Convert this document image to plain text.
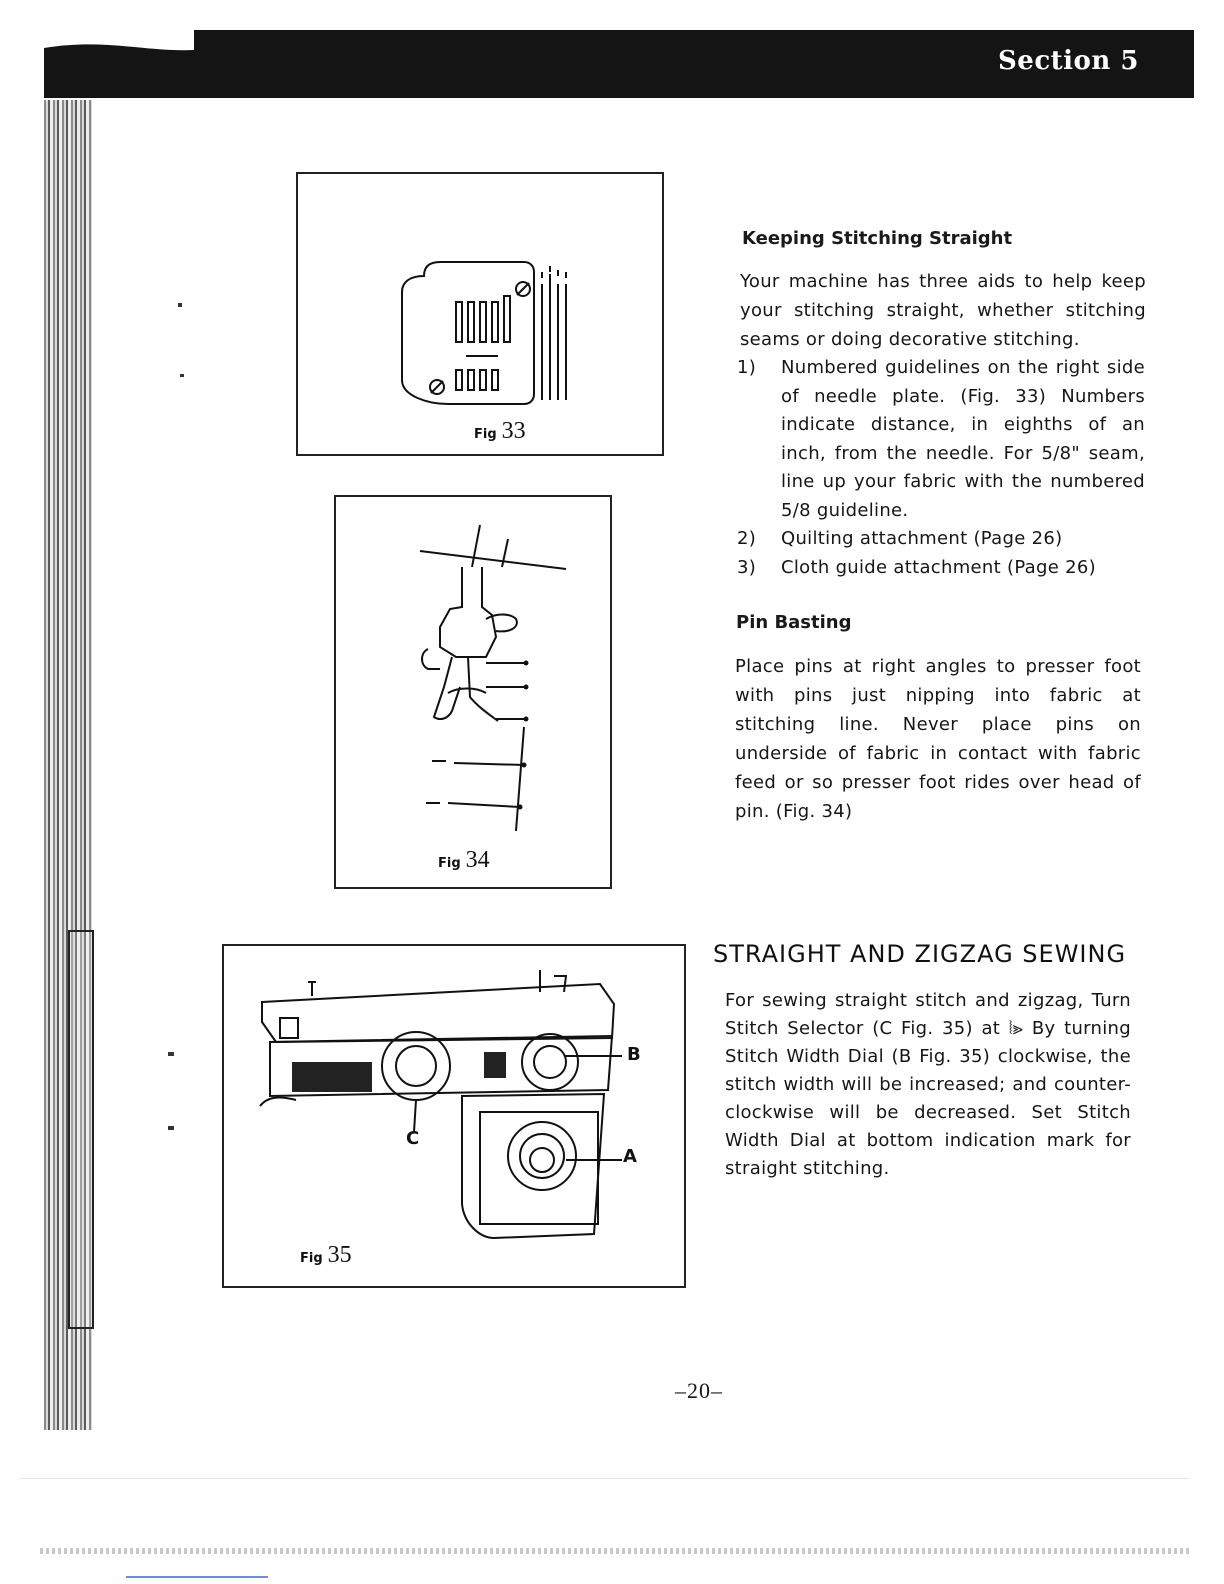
Section 5
Fig 33
Fig 34
B
A
C
Fig 35
Keeping Stitching Straight

Your machine has three aids to help keep your stitching straight, whether stitching seams or doing decorative stitching.

1) Numbered guidelines on the right side of needle plate. (Fig. 33) Numbers indicate distance, in eighths of an inch, from the needle. For 5/8" seam, line up your fabric with the numbered 5/8 guideline.
2) Quilting attachment (Page 26)
3) Cloth guide attachment (Page 26)
Pin Basting

Place pins at right angles to presser foot with pins just nipping into fabric at stitching line. Never place pins on underside of fabric in contact with fabric feed or so presser foot rides over head of pin. (Fig. 34)

STRAIGHT AND ZIGZAG SEWING

For sewing straight stitch and zigzag, Turn Stitch Selector (C Fig. 35) at ⦚⪢ By turning Stitch Width Dial (B Fig. 35) clockwise, the stitch width will be increased; and counter-clockwise will be decreased. Set Stitch Width Dial at bottom indication mark for straight stitching.

–20–
